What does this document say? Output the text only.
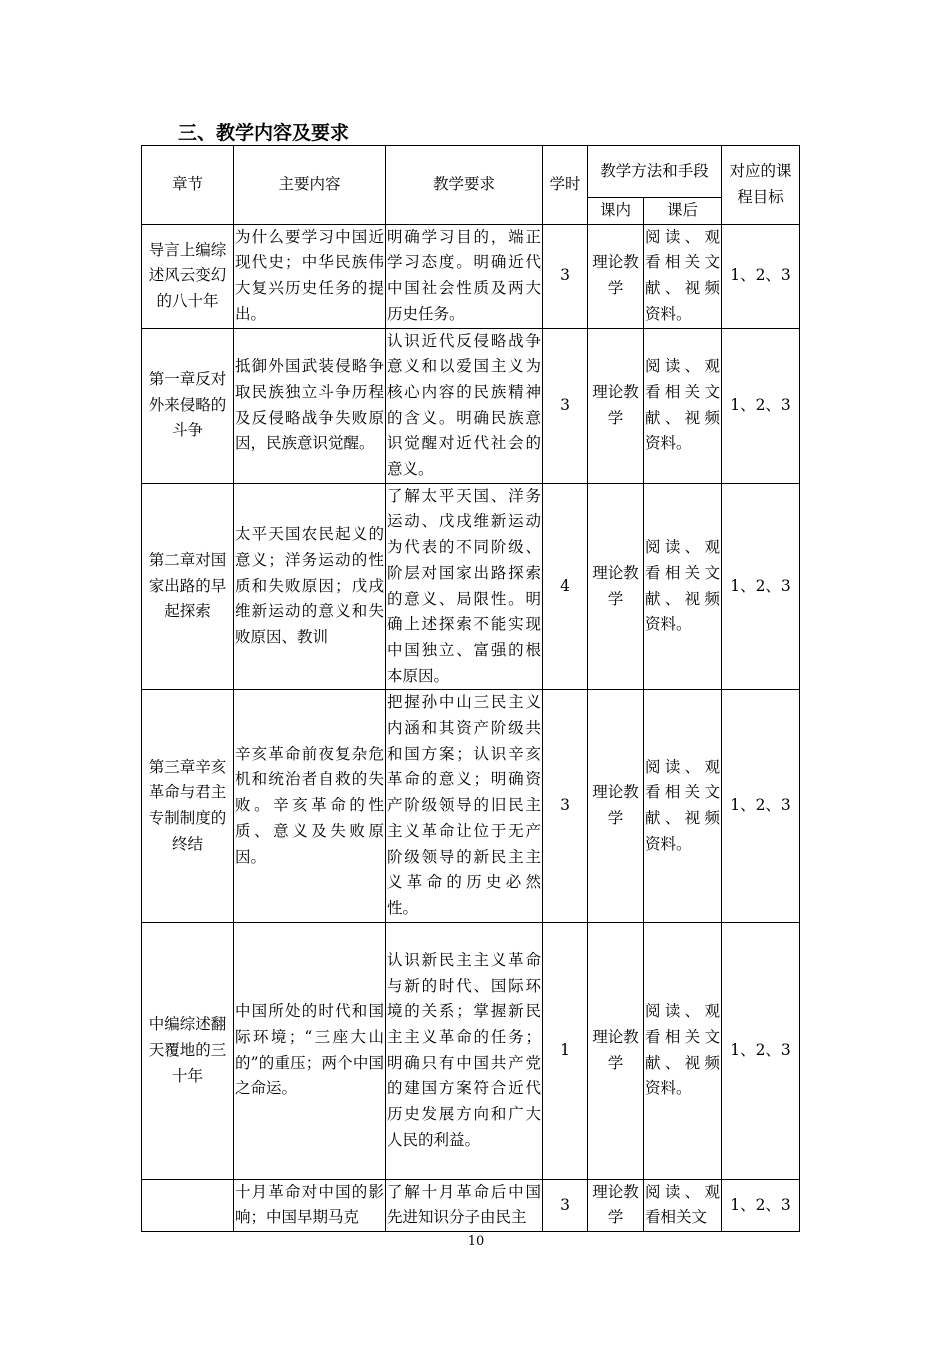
三、教学内容及要求

章节	主要内容	教学要求	学时	教学方法和手段		对应的课程目标
				课内	课后	
导言上编综述风云变幻的八十年	为什么要学习中国近现代史；中华民族伟大复兴历史任务的提出。	明确学习目的，端正学习态度。明确近代中国社会性质及两大历史任务。	3	理论教学	阅读、观看相关文献、视频资料。	1、2、3
第一章反对外来侵略的斗争	抵御外国武装侵略争取民族独立斗争历程及反侵略战争失败原因，民族意识觉醒。	认识近代反侵略战争意义和以爱国主义为核心内容的民族精神的含义。明确民族意识觉醒对近代社会的意义。	3	理论教学	阅读、观看相关文献、视频资料。	1、2、3
第二章对国家出路的早起探索	太平天国农民起义的意义；洋务运动的性质和失败原因；戊戌维新运动的意义和失败原因、教训	了解太平天国、洋务运动、戊戌维新运动为代表的不同阶级、阶层对国家出路探索的意义、局限性。明确上述探索不能实现中国独立、富强的根本原因。	4	理论教学	阅读、观看相关文献、视频资料。	1、2、3
第三章辛亥革命与君主专制制度的终结	辛亥革命前夜复杂危机和统治者自救的失败。辛亥革命的性质、意义及失败原因。	把握孙中山三民主义内涵和其资产阶级共和国方案；认识辛亥革命的意义；明确资产阶级领导的旧民主主义革命让位于无产阶级领导的新民主主义革命的历史必然性。	3	理论教学	阅读、观看相关文献、视频资料。	1、2、3
中编综述翻天覆地的三十年	中国所处的时代和国际环境；“三座大山的”的重压；两个中国之命运。	认识新民主主义革命与新的时代、国际环境的关系；掌握新民主主义革命的任务；明确只有中国共产党的建国方案符合近代历史发展方向和广大人民的利益。	1	理论教学	阅读、观看相关文献、视频资料。	1、2、3
	十月革命对中国的影响；中国早期马克	了解十月革命后中国先进知识分子由民主	3	理论教学	阅读、观看相关文	1、2、3
10
